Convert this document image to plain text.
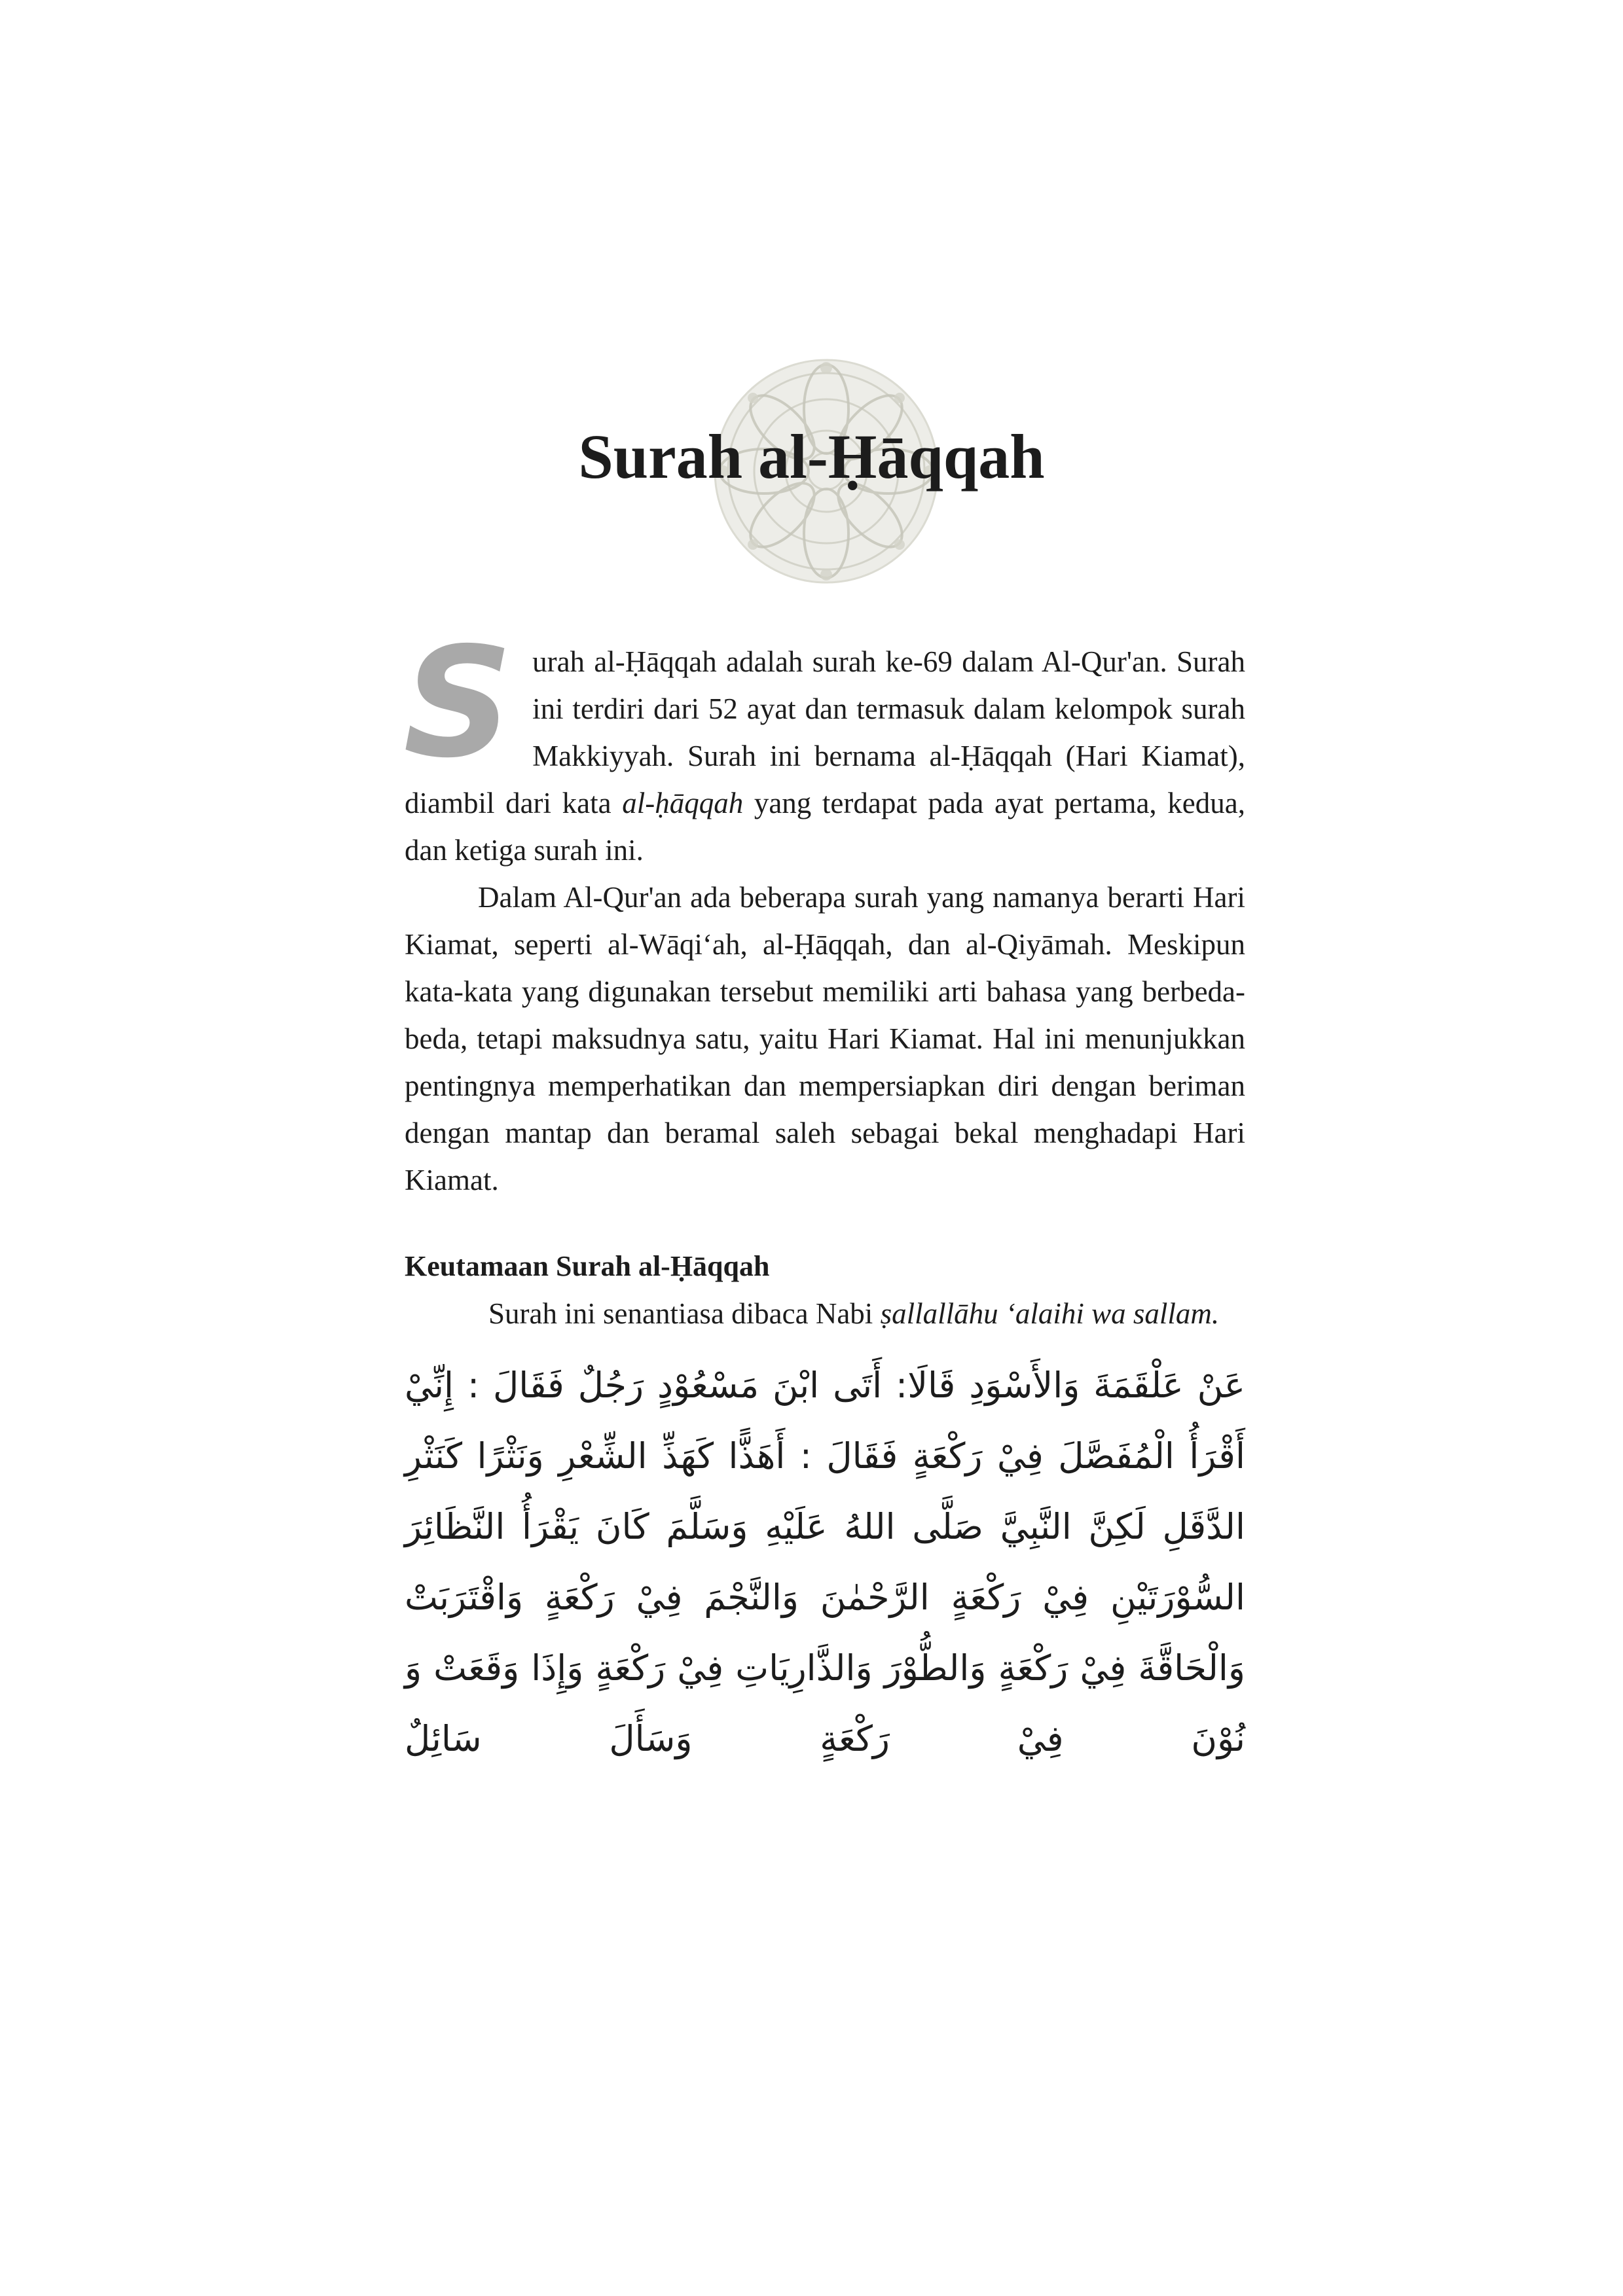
Surah al-Ḥāqqah

Surah al-Ḥāqqah adalah surah ke-69 dalam Al-Qur'an. Surah ini terdiri dari 52 ayat dan termasuk dalam kelompok surah Makkiyyah. Surah ini bernama al-Ḥāqqah (Hari Kiamat), diambil dari kata al-ḥāqqah yang terdapat pada ayat pertama, kedua, dan ketiga surah ini.

Dalam Al-Qur'an ada beberapa surah yang namanya berarti Hari Kiamat, seperti al-Wāqi‘ah, al-Ḥāqqah, dan al-Qiyāmah. Meskipun kata-kata yang digunakan tersebut memiliki arti bahasa yang berbeda-beda, tetapi maksudnya satu, yaitu Hari Kiamat. Hal ini menunjukkan pentingnya memperhatikan dan mempersiapkan diri dengan beriman dengan mantap dan beramal saleh sebagai bekal menghadapi Hari Kiamat.

Keutamaan Surah al-Ḥāqqah

Surah ini senantiasa dibaca Nabi ṣallallāhu ‘alaihi wa sallam.

عَنْ عَلْقَمَةَ وَالأَسْوَدِ قَالَا: أَتَى ابْنَ مَسْعُوْدٍ رَجُلٌ فَقَالَ : إِنِّيْ أَقْرَأُ الْمُفَصَّلَ فِيْ رَكْعَةٍ فَقَالَ : أَهَذًّا كَهَذِّ الشِّعْرِ وَنَثْرًا كَنَثْرِ الدَّقَلِ لَكِنَّ النَّبِيَّ صَلَّى اللهُ عَلَيْهِ وَسَلَّمَ كَانَ يَقْرَأُ النَّظَائِرَ السُّوْرَتَيْنِ فِيْ رَكْعَةٍ الرَّحْمٰنَ وَالنَّجْمَ فِيْ رَكْعَةٍ وَاقْتَرَبَتْ وَالْحَاقَّةَ فِيْ رَكْعَةٍ وَالطُّوْرَ وَالذَّارِيَاتِ فِيْ رَكْعَةٍ وَإِذَا وَقَعَتْ وَ نُوْنَ فِيْ رَكْعَةٍ وَسَأَلَ سَائِلٌ
